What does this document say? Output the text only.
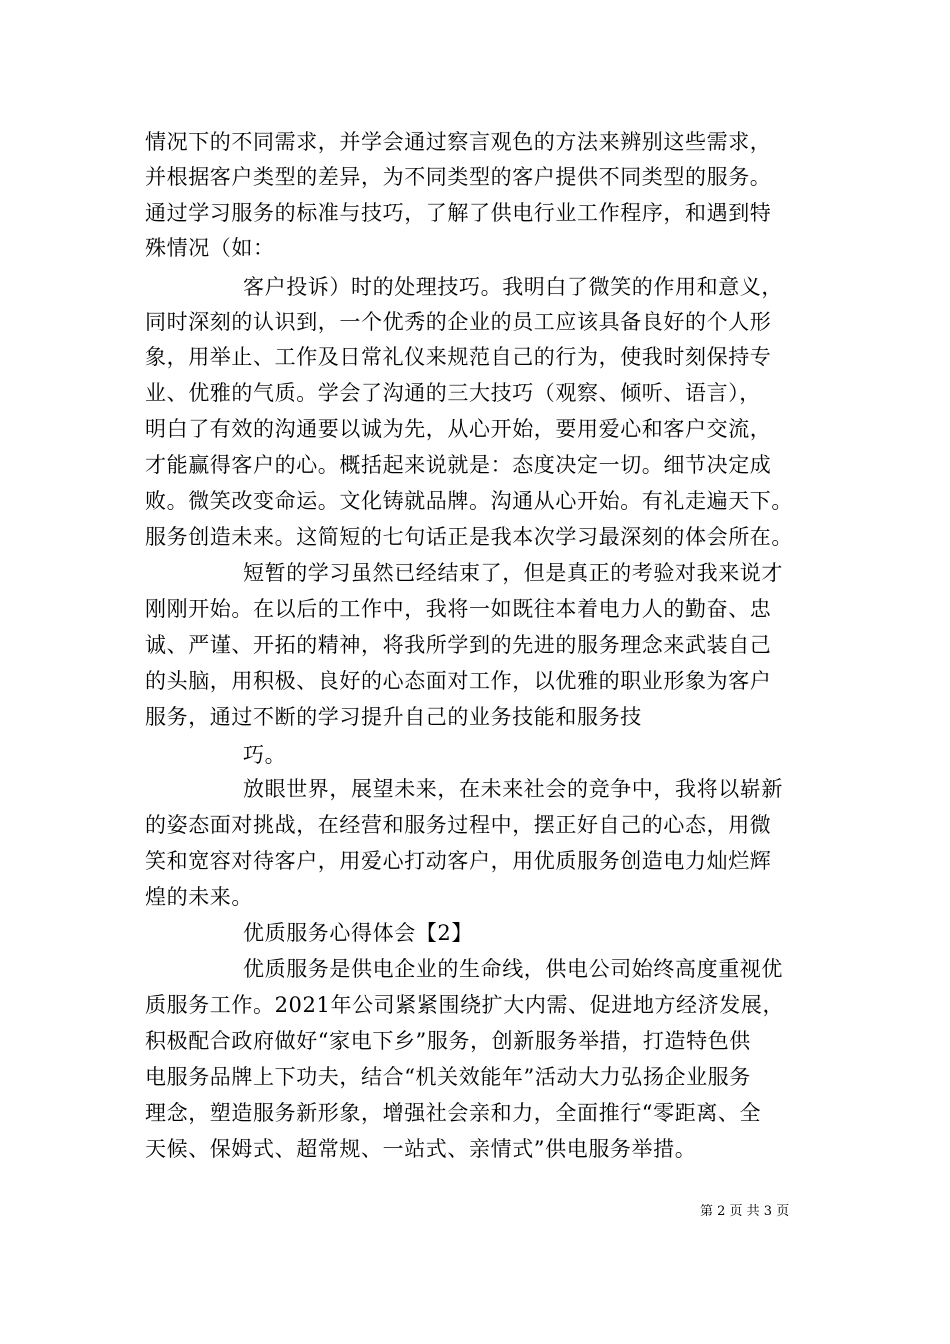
情况下的不同需求，并学会通过察言观色的方法来辨别这些需求，
并根据客户类型的差异，为不同类型的客户提供不同类型的服务。
通过学习服务的标准与技巧，了解了供电行业工作程序，和遇到特
殊情况（如：
客户投诉）时的处理技巧。我明白了微笑的作用和意义，
同时深刻的认识到，一个优秀的企业的员工应该具备良好的个人形
象，用举止、工作及日常礼仪来规范自己的行为，使我时刻保持专
业、优雅的气质。学会了沟通的三大技巧（观察、倾听、语言），
明白了有效的沟通要以诚为先，从心开始，要用爱心和客户交流，
才能赢得客户的心。概括起来说就是：态度决定一切。细节决定成
败。微笑改变命运。文化铸就品牌。沟通从心开始。有礼走遍天下。
服务创造未来。这简短的七句话正是我本次学习最深刻的体会所在。
短暂的学习虽然已经结束了，但是真正的考验对我来说才
刚刚开始。在以后的工作中，我将一如既往本着电力人的勤奋、忠
诚、严谨、开拓的精神，将我所学到的先进的服务理念来武装自己
的头脑，用积极、良好的心态面对工作，以优雅的职业形象为客户
服务，通过不断的学习提升自己的业务技能和服务技
巧。
放眼世界，展望未来，在未来社会的竞争中，我将以崭新
的姿态面对挑战，在经营和服务过程中，摆正好自己的心态，用微
笑和宽容对待客户，用爱心打动客户，用优质服务创造电力灿烂辉
煌的未来。
优质服务心得体会【2】
优质服务是供电企业的生命线，供电公司始终高度重视优
质服务工作。2021年公司紧紧围绕扩大内需、促进地方经济发展，
积极配合政府做好“家电下乡”服务，创新服务举措，打造特色供
电服务品牌上下功夫，结合“机关效能年”活动大力弘扬企业服务
理念，塑造服务新形象，增强社会亲和力，全面推行“零距离、全
天候、保姆式、超常规、一站式、亲情式”供电服务举措。
第 2 页 共 3 页
